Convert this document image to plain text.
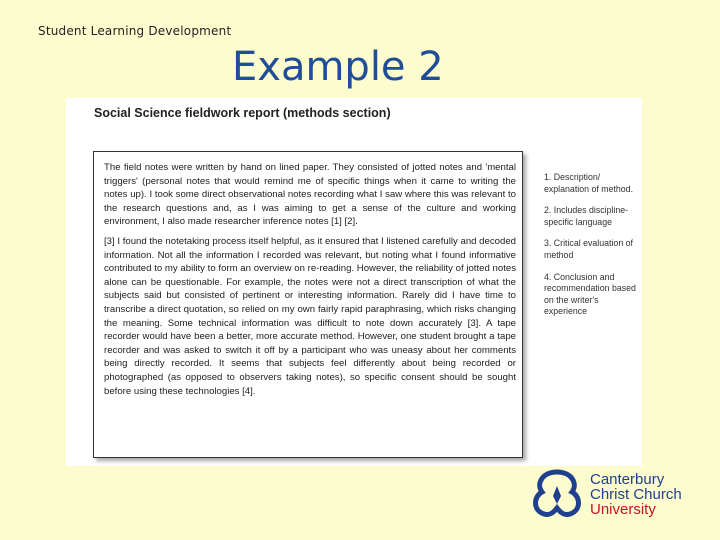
Student Learning Development
Example 2
Social Science fieldwork report (methods section)

The field notes were written by hand on lined paper. They consisted of jotted notes and 'mental triggers' (personal notes that would remind me of specific things when it came to writing the notes up). I took some direct observational notes recording what I saw where this was relevant to the research questions and, as I was aiming to get a sense of the culture and working environment, I also made researcher inference notes [1] [2].

[3] I found the notetaking process itself helpful, as it ensured that I listened carefully and decoded information. Not all the information I recorded was relevant, but noting what I found informative contributed to my ability to form an overview on re-reading. However, the reliability of jotted notes alone can be questionable. For example, the notes were not a direct transcription of what the subjects said but consisted of pertinent or interesting information. Rarely did I have time to transcribe a direct quotation, so relied on my own fairly rapid paraphrasing, which risks changing the meaning. Some technical information was difficult to note down accurately [3]. A tape recorder would have been a better, more accurate method. However, one student brought a tape recorder and was asked to switch it off by a participant who was uneasy about her comments being directly recorded. It seems that subjects feel differently about being recorded or photographed (as opposed to observers taking notes), so specific consent should be sought before using these technologies [4].

1. Description/ explanation of method.
2. Includes discipline-specific language
3. Critical evaluation of method
4. Conclusion and recommendation based on the writer's experience
Canterbury
Christ Church
University
